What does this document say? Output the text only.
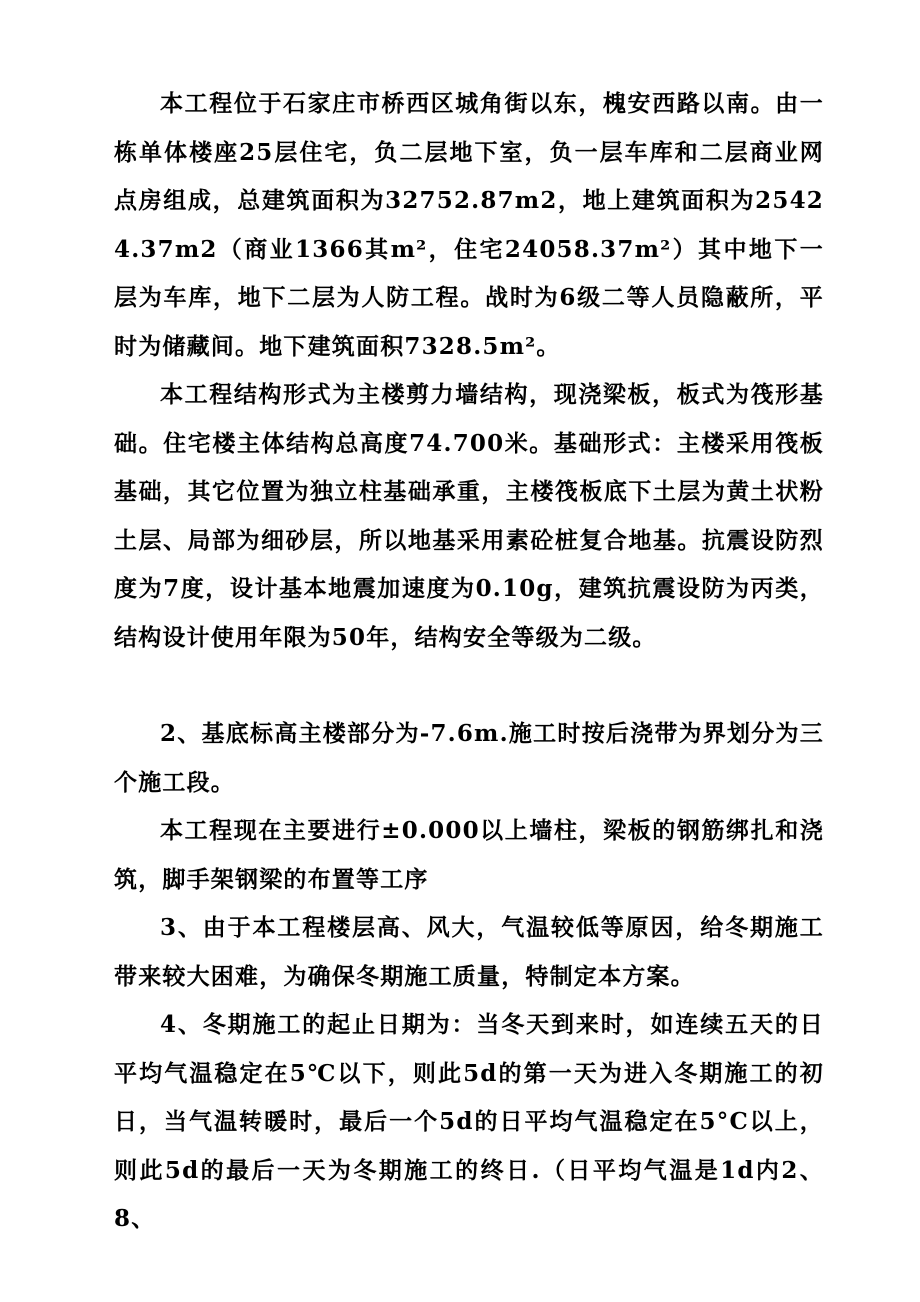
本工程位于石家庄市桥西区城角街以东，槐安西路以南。由一栋单体楼座25层住宅，负二层地下室，负一层车库和二层商业网点房组成，总建筑面积为32752.87m2，地上建筑面积为25424.37m2（商业1366其m²，住宅24058.37m²）其中地下一层为车库，地下二层为人防工程。战时为6级二等人员隐蔽所，平时为储藏间。地下建筑面积7328.5m²。

本工程结构形式为主楼剪力墙结构，现浇梁板，板式为筏形基础。住宅楼主体结构总高度74.700米。基础形式：主楼采用筏板基础，其它位置为独立柱基础承重，主楼筏板底下土层为黄土状粉土层、局部为细砂层，所以地基采用素砼桩复合地基。抗震设防烈度为7度，设计基本地震加速度为0.10g，建筑抗震设防为丙类，结构设计使用年限为50年，结构安全等级为二级。

2、基底标高主楼部分为-7.6m.施工时按后浇带为界划分为三个施工段。

本工程现在主要进行±0.000以上墙柱，梁板的钢筋绑扎和浇筑，脚手架钢梁的布置等工序

3、由于本工程楼层高、风大，气温较低等原因，给冬期施工带来较大困难，为确保冬期施工质量，特制定本方案。

4、冬期施工的起止日期为：当冬天到来时，如连续五天的日平均气温稳定在5℃以下，则此5d的第一天为进入冬期施工的初日，当气温转暖时，最后一个5d的日平均气温稳定在5°C以上，则此5d的最后一天为冬期施工的终日.（日平均气温是1d内2、8、
